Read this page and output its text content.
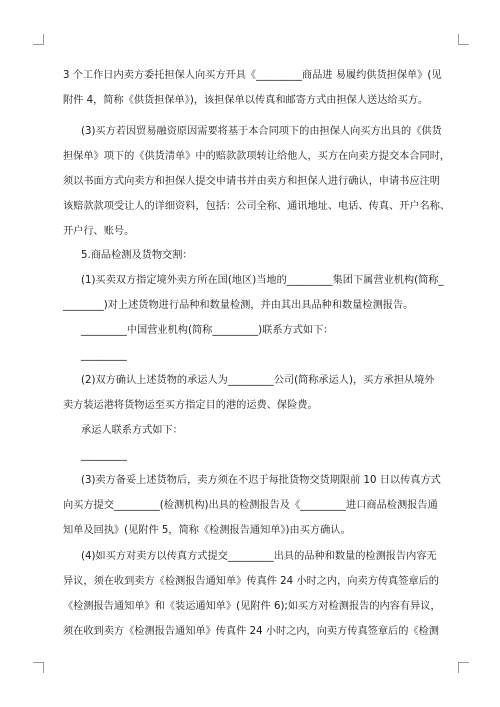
3 个工作日内卖方委托担保人向买方开具《_________商品进 易履约供货担保单》(见
附件 4，简称《供货担保单》)，该担保单以传真和邮寄方式由担保人送达给买方。
(3)买方若因贸易融资原因需要将基于本合同项下的由担保人向买方出具的《供货
担保单》项下的《供货清单》中的赔款款项转让给他人，买方在向卖方提交本合同时，
须以书面方式向卖方和担保人提交申请书并由卖方和担保人进行确认，申请书应注明
该赔款款项受让人的详细资料，包括：公司全称、通讯地址、电话、传真、开户名称、
开户行、账号。
5.商品检测及货物交割：
(1)买卖双方指定境外卖方所在国(地区)当地的_________集团下属营业机构(简称_
________)对上述货物进行品种和数量检测，并由其出具品种和数量检测报告。
_________中国营业机构(简称_________)联系方式如下：
_________
(2)双方确认上述货物的承运人为_________公司(简称承运人)，买方承担从境外
卖方装运港将货物运至买方指定目的港的运费、保险费。
承运人联系方式如下：
_________
(3)卖方备妥上述货物后，卖方须在不迟于每批货物交货期限前 10 日以传真方式
向买方提交_________(检测机构)出具的检测报告及《_________进口商品检测报告通
知单及回执》(见附件 5，简称《检测报告通知单》)由买方确认。
(4)如买方对卖方以传真方式提交_________出具的品种和数量的检测报告内容无
异议，须在收到卖方《检测报告通知单》传真件 24 小时之内，向卖方传真签章后的
《检测报告通知单》和《装运通知单》(见附件 6);如买方对检测报告的内容有异议，
须在收到卖方《检测报告通知单》传真件 24 小时之内，向卖方传真签章后的《检测
